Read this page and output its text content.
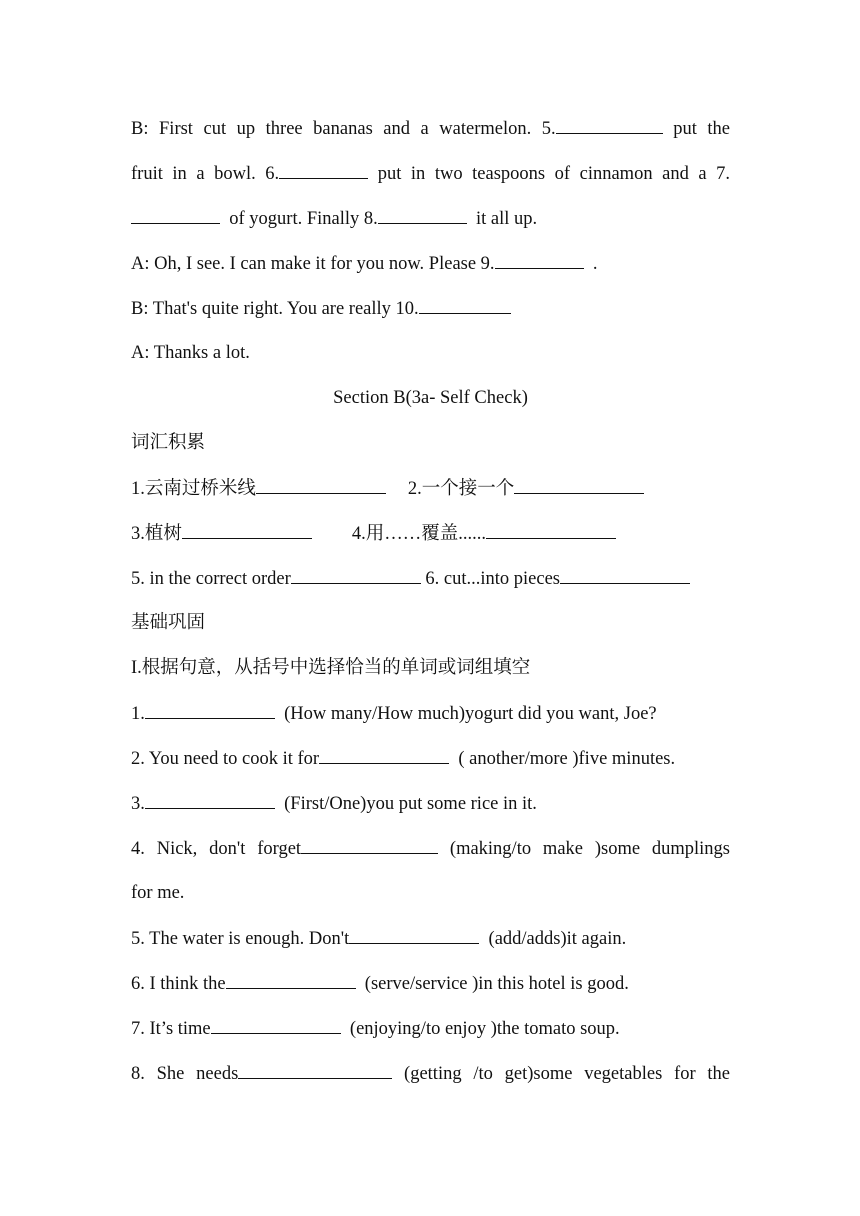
B: First cut up three bananas and a watermelon. 5.	put the
fruit in a bowl. 6.	put in two teaspoons of cinnamon and a 7.
of yogurt. Finally 8.	it all up.
A: Oh, I see. I can make it for you now. Please 9.	.
B: That's quite right. You are really 10.
A: Thanks a lot.
Section B(3a- Self Check)
词汇积累
1.云南过桥米线	2.一个接一个
3.植树	4.用……覆盖......
5. in the correct order	6. cut...into pieces
基础巩固
I.根据句意，从括号中选择恰当的单词或词组填空
1.	(How many/How much)yogurt did you want, Joe?
2. You need to cook it for	( another/more )five minutes.
3.	(First/One)you put some rice in it.
4. Nick, don't forget	(making/to make )some dumplings
for me.
5. The water is enough. Don't	(add/adds)it again.
6. I think the	(serve/service )in this hotel is good.
7. It’s time	(enjoying/to enjoy )the tomato soup.
8. She needs	(getting /to get)some vegetables for the
